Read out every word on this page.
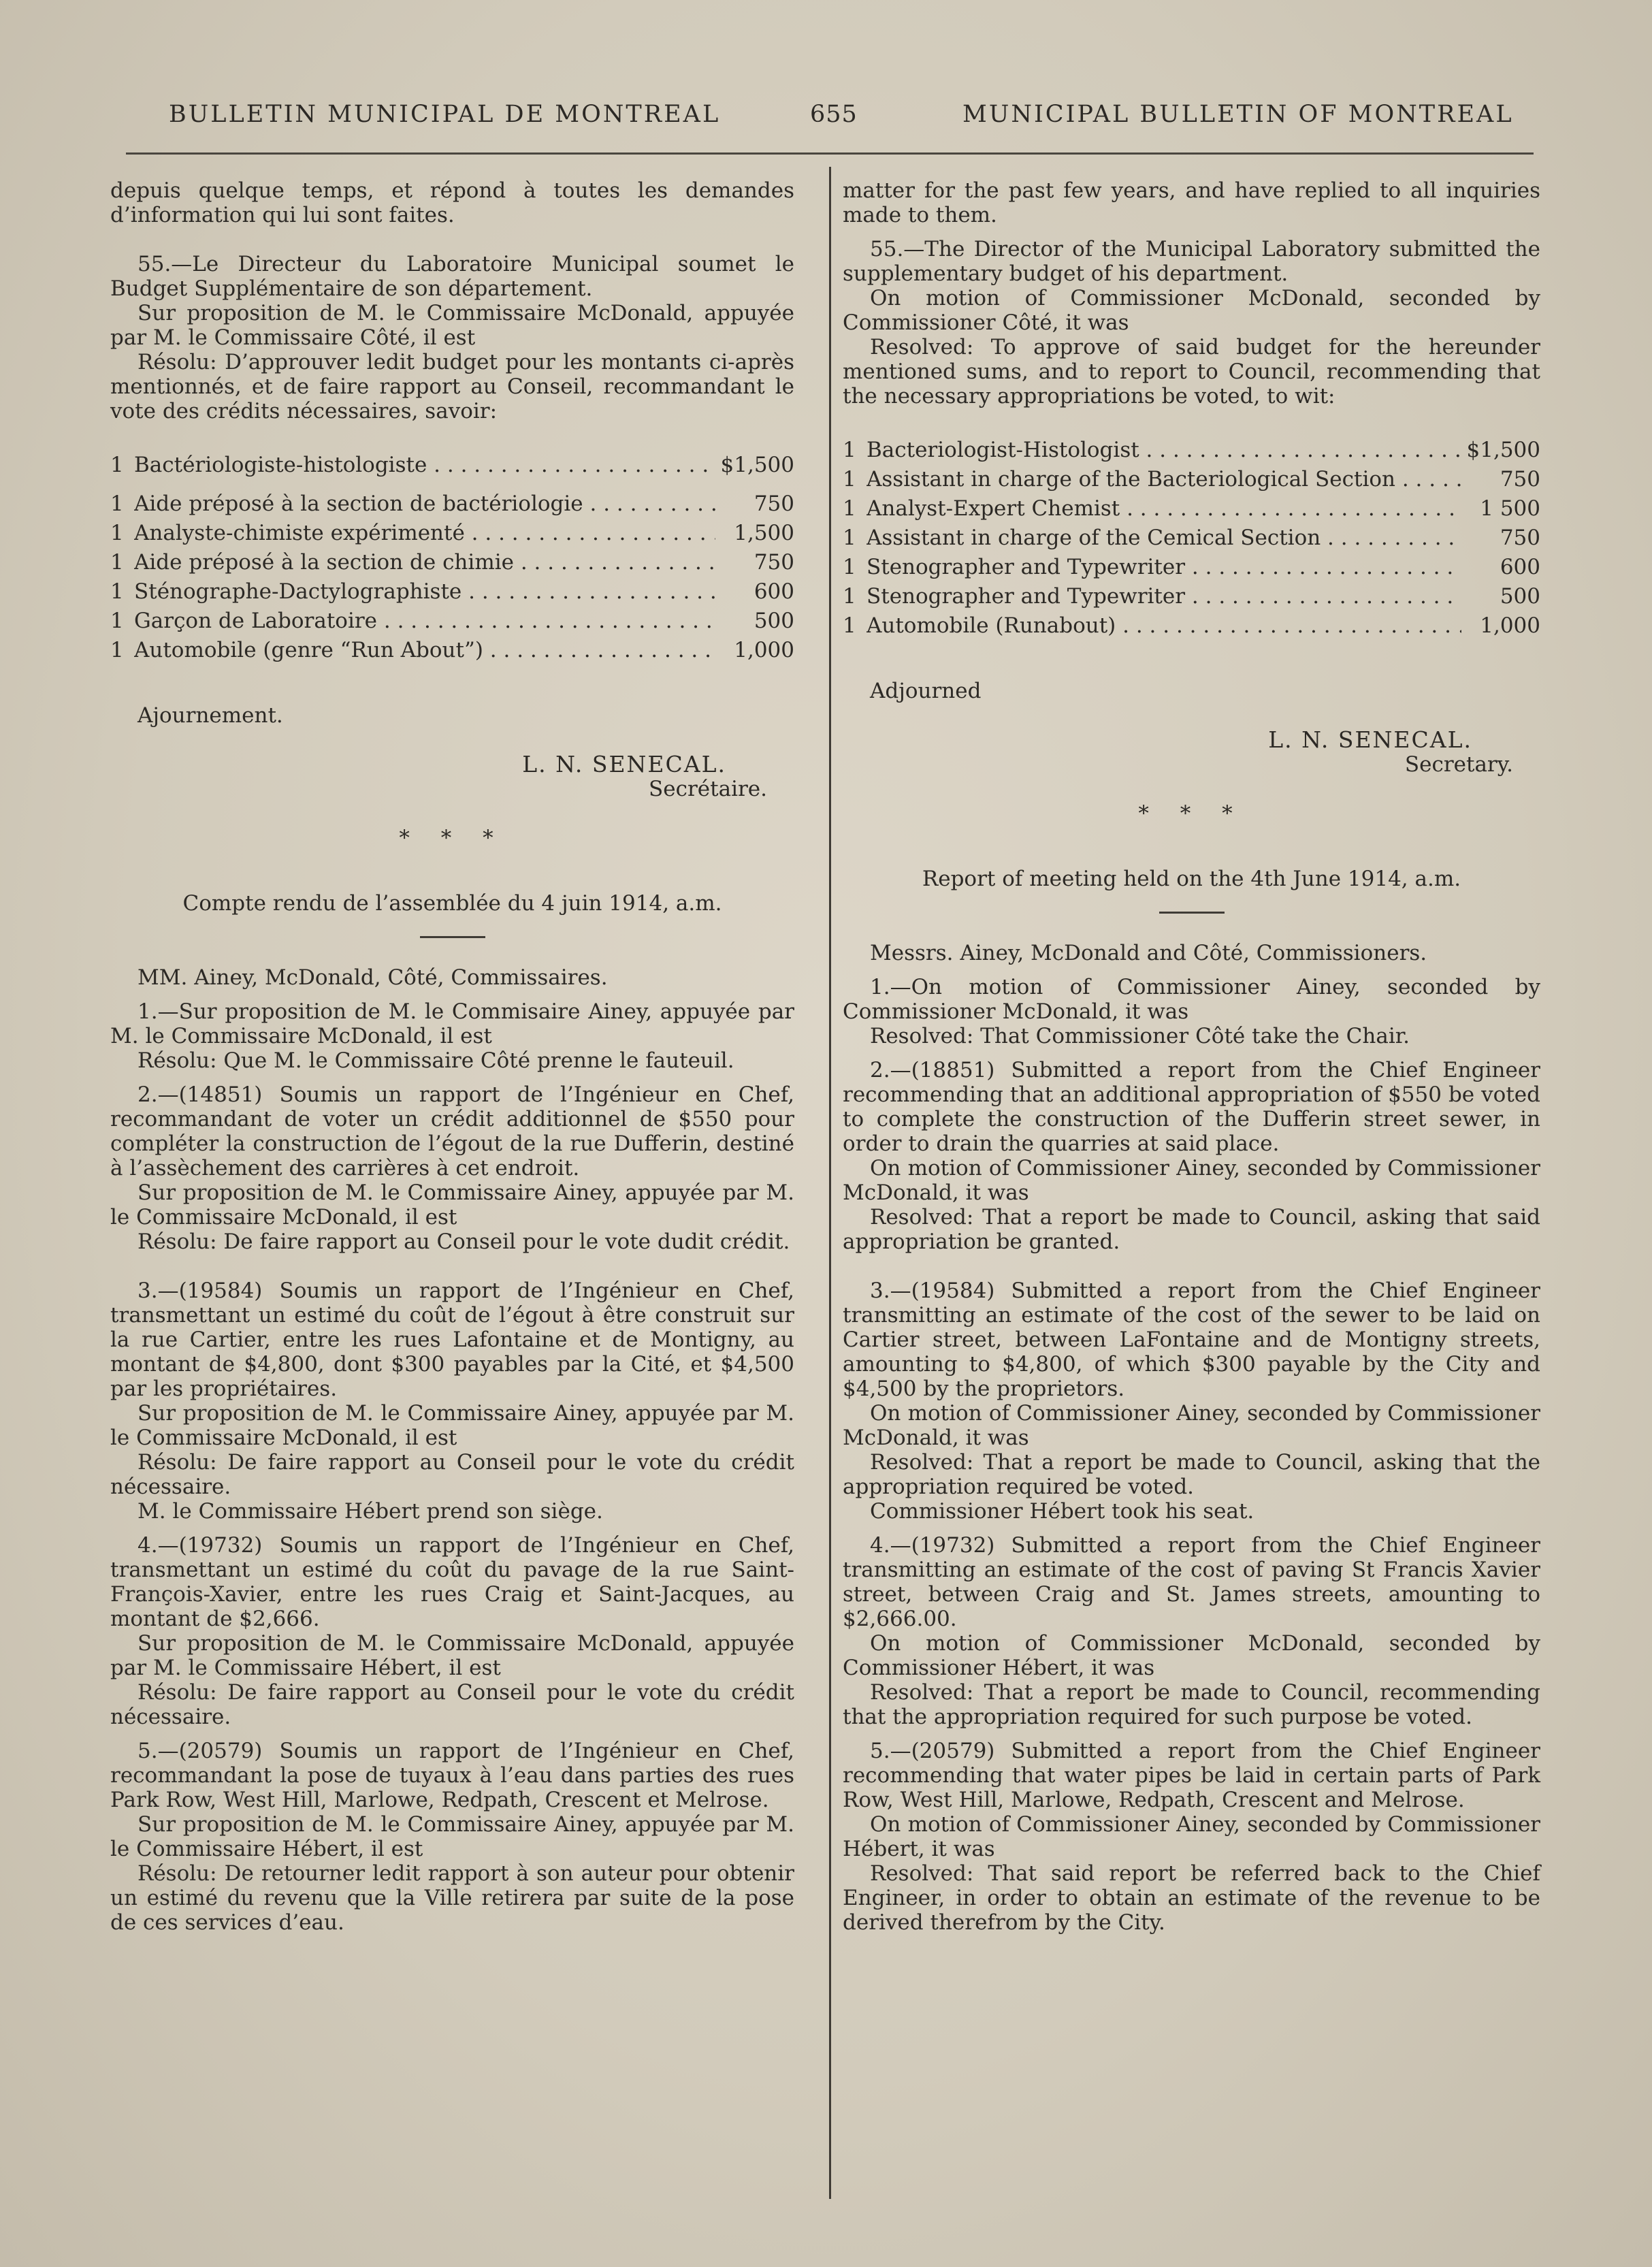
BULLETIN MUNICIPAL DE MONTREAL	655	MUNICIPAL BULLETIN OF MONTREAL

depuis quelque temps, et répond à toutes les demandes d’information qui lui sont faites.

55.—Le Directeur du Laboratoire Municipal soumet le Budget Supplémentaire de son département.

Sur proposition de M. le Commissaire McDonald, appuyée par M. le Commissaire Côté, il est

Résolu: D’approuver ledit budget pour les montants ci-après mentionnés, et de faire rapport au Conseil, recommandant le vote des crédits nécessaires, savoir:

1 Bactériologiste-histologiste . . .	$1,500
1 Aide préposé à la section de bactériologie . . .	750
1 Analyste-chimiste expérimenté . . .	1,500
1 Aide préposé à la section de chimie . . .	750
1 Sténographe-Dactylographiste . . .	600
1 Garçon de Laboratoire . . .	500
1 Automobile (genre “Run About”) . . .	1,000

Ajournement.

L. N. SENECAL.
Secrétaire.
* * *

Compte rendu de l’assemblée du 4 juin 1914, a.m.

MM. Ainey, McDonald, Côté, Commissaires.

1.—Sur proposition de M. le Commisaire Ainey, appuyée par M. le Commissaire McDonald, il est

Résolu: Que M. le Commissaire Côté prenne le fauteuil.

2.—(14851) Soumis un rapport de l’Ingénieur en Chef, recommandant de voter un crédit additionnel de $550 pour compléter la construction de l’égout de la rue Dufferin, destiné à l’assèchement des carrières à cet endroit.

Sur proposition de M. le Commissaire Ainey, appuyée par M. le Commissaire McDonald, il est

Résolu: De faire rapport au Conseil pour le vote dudit crédit.

3.—(19584) Soumis un rapport de l’Ingénieur en Chef, transmettant un estimé du coût de l’égout à être construit sur la rue Cartier, entre les rues Lafontaine et de Montigny, au montant de $4,800, dont $300 payables par la Cité, et $4,500 par les propriétaires.

Sur proposition de M. le Commissaire Ainey, appuyée par M. le Commissaire McDonald, il est

Résolu: De faire rapport au Conseil pour le vote du crédit nécessaire.

M. le Commissaire Hébert prend son siège.

4.—(19732) Soumis un rapport de l’Ingénieur en Chef, transmettant un estimé du coût du pavage de la rue Saint-François-Xavier, entre les rues Craig et Saint-Jacques, au montant de $2,666.

Sur proposition de M. le Commissaire McDonald, appuyée par M. le Commissaire Hébert, il est

Résolu: De faire rapport au Conseil pour le vote du crédit nécessaire.

5.—(20579) Soumis un rapport de l’Ingénieur en Chef, recommandant la pose de tuyaux à l’eau dans parties des rues Park Row, West Hill, Marlowe, Redpath, Crescent et Melrose.

Sur proposition de M. le Commissaire Ainey, appuyée par M. le Commissaire Hébert, il est

Résolu: De retourner ledit rapport à son auteur pour obtenir un estimé du revenu que la Ville retirera par suite de la pose de ces services d’eau.

matter for the past few years, and have replied to all inquiries made to them.

55.—The Director of the Municipal Laboratory submitted the supplementary budget of his department.

On motion of Commissioner McDonald, seconded by Commissioner Côté, it was

Resolved: To approve of said budget for the hereunder mentioned sums, and to report to Council, recommending that the necessary appropriations be voted, to wit:

1 Bacteriologist-Histologist . . .	$1,500
1 Assistant in charge of the Bacteriological Section . . .	750
1 Analyst-Expert Chemist . . .	1 500
1 Assistant in charge of the Cemical Section . . .	750
1 Stenographer and Typewriter . . .	600
1 Stenographer and Typewriter . . .	500
1 Automobile (Runabout) . . .	1,000

Adjourned

L. N. SENECAL.
Secretary.
* * *

Report of meeting held on the 4th June 1914, a.m.

Messrs. Ainey, McDonald and Côté, Commissioners.

1.—On motion of Commissioner Ainey, seconded by Commissioner McDonald, it was

Resolved: That Commissioner Côté take the Chair.

2.—(18851) Submitted a report from the Chief Engineer recommending that an additional appropriation of $550 be voted to complete the construction of the Dufferin street sewer, in order to drain the quarries at said place.

On motion of Commissioner Ainey, seconded by Commissioner McDonald, it was

Resolved: That a report be made to Council, asking that said appropriation be granted.

3.—(19584) Submitted a report from the Chief Engineer transmitting an estimate of the cost of the sewer to be laid on Cartier street, between LaFontaine and de Montigny streets, amounting to $4,800, of which $300 payable by the City and $4,500 by the proprietors.

On motion of Commissioner Ainey, seconded by Commissioner McDonald, it was

Resolved: That a report be made to Council, asking that the appropriation required be voted.

Commissioner Hébert took his seat.

4.—(19732) Submitted a report from the Chief Engineer transmitting an estimate of the cost of paving St Francis Xavier street, between Craig and St. James streets, amounting to $2,666.00.

On motion of Commissioner McDonald, seconded by Commissioner Hébert, it was

Resolved: That a report be made to Council, recommending that the appropriation required for such purpose be voted.

5.—(20579) Submitted a report from the Chief Engineer recommending that water pipes be laid in certain parts of Park Row, West Hill, Marlowe, Redpath, Crescent and Melrose.

On motion of Commissioner Ainey, seconded by Commissioner Hébert, it was

Resolved: That said report be referred back to the Chief Engineer, in order to obtain an estimate of the revenue to be derived therefrom by the City.
